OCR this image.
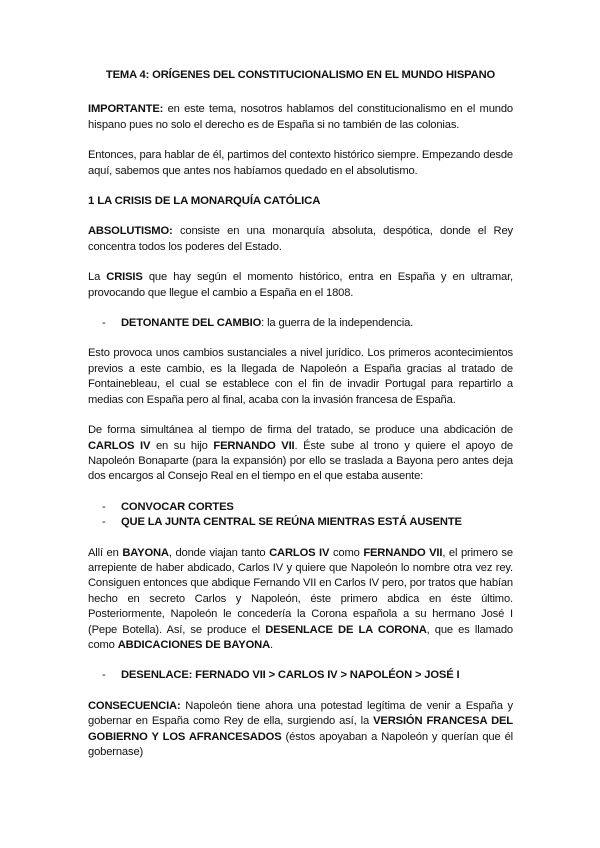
TEMA 4: ORÍGENES DEL CONSTITUCIONALISMO EN EL MUNDO HISPANO

IMPORTANTE: en este tema, nosotros hablamos del constitucionalismo en el mundo hispano pues no solo el derecho es de España si no también de las colonias.

Entonces, para hablar de él, partimos del contexto histórico siempre. Empezando desde aquí, sabemos que antes nos habíamos quedado en el absolutismo.

1 LA CRISIS DE LA MONARQUÍA CATÓLICA

ABSOLUTISMO: consiste en una monarquía absoluta, despótica, donde el Rey concentra todos los poderes del Estado.

La CRISIS que hay según el momento histórico, entra en España y en ultramar, provocando que llegue el cambio a España en el 1808.

- DETONANTE DEL CAMBIO: la guerra de la independencia.

Esto provoca unos cambios sustanciales a nivel jurídico. Los primeros acontecimientos previos a este cambio, es la llegada de Napoleón a España gracias al tratado de Fontainebleau, el cual se establece con el fin de invadir Portugal para repartirlo a medias con España pero al final, acaba con la invasión francesa de España.

De forma simultánea al tiempo de firma del tratado, se produce una abdicación de CARLOS IV en su hijo FERNANDO VII. Éste sube al trono y quiere el apoyo de Napoleón Bonaparte (para la expansión) por ello se traslada a Bayona pero antes deja dos encargos al Consejo Real en el tiempo en el que estaba ausente:

- CONVOCAR CORTES
- QUE LA JUNTA CENTRAL SE REÚNA MIENTRAS ESTÁ AUSENTE

Allí en BAYONA, donde viajan tanto CARLOS IV como FERNANDO VII, el primero se arrepiente de haber abdicado, Carlos IV y quiere que Napoleón lo nombre otra vez rey. Consiguen entonces que abdique Fernando VII en Carlos IV pero, por tratos que habían hecho en secreto Carlos y Napoleón, éste primero abdica en éste último. Posteriormente, Napoleón le concedería la Corona española a su hermano José I (Pepe Botella). Así, se produce el DESENLACE DE LA CORONA, que es llamado como ABDICACIONES DE BAYONA.

- DESENLACE: FERNADO VII > CARLOS IV > NAPOLÉON > JOSÉ I

CONSECUENCIA: Napoleón tiene ahora una potestad legítima de venir a España y gobernar en España como Rey de ella, surgiendo así, la VERSIÓN FRANCESA DEL GOBIERNO Y LOS AFRANCESADOS (éstos apoyaban a Napoleón y querían que él gobernase)
